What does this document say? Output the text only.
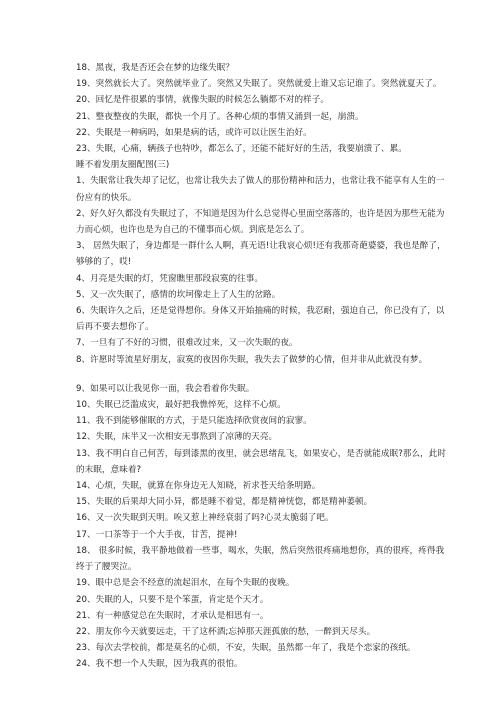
18、黑夜，我是否还会在梦的边缘失眠？

19、突然就长大了。突然就毕业了。突然又失眠了。突然就爱上谁又忘记谁了。突然就夏天了。

20、回忆是件很累的事情，就像失眠的时候怎么躺都不对的样子。

21、整夜整夜的失眠，都快一个月了。各种心烦的事情又涌到一起，崩溃。

22、失眠是一种病吗，如果是病的话，或许可以让医生治好。

23、失眠，心痛，辆孩子也特吵，都怎么了，还能不能好好的生活，我要崩溃了、累。

睡不着发朋友圈配图(三)

1、失眠常让我失却了记忆，也常让我失去了做人的那份精神和活力，也常让我不能享有人生的一份应有的快乐。

2、好久好久都没有失眠过了，不知道是因为什么总觉得心里面空落落的，也许是因为那些无能为力而心烦，也许也是为自己的不懂事而心烦。到底是怎么了。

3、 居然失眠了，身边都是一群什么人啊，真无语!让我哀心烦!还有我那奇葩婆婆，我也是醉了，够够的了，哎!

4、月亮是失眠的灯，凭窗瞧里那段寂寞的往事。

5、又一次失眠了，感情的坎坷像走上了人生的岔路。

6、失眠许久之后，还是觉得想你。身体又开始抽痛的时候，我忍耐，强迫自己，你已没有了，以后再不要去想你了。

7、一旦有了不好的习惯，很难改过来，又一次失眠的夜。

8、许愿时等流星好朋友，寂寞的夜因你失眠，我失去了做梦的心情，但并非从此就没有梦。

9、如果可以让我见你一面，我会看着你失眠。

10、失眠已泛滥成灾，最好把我憔悴死，这样不心烦。

11、我不到能够催眠的方式，于是只能选择欣赏夜间的寂寥。

12、失眠，床半又一次相安无事熬到了凉薄的天亮。

13、我不明白自己何苦，每到漆黑的夜里，就会思绪乱飞，如果安心，是否就能成眠?那么，此时的末眠，意味着?

14、心烦，失眠，就算在你身边无人知晓，祈求苍天给条明路。

15、失眠的后果却大同小异，都是睡不着觉，都是精神恍惚，都是精神萎顿。

16、又一次失眠到天明。唉又惹上神经衰弱了吗?心灵太脆弱了吧。

17、一口茶等于一个大手夜，甘苦，提神!

18、 很多时候，我平静地做着一些事，喝水，失眠，然后突然很疼痛地想你，真的很疼，疼得我终于了腰哭泣。

19、眼中总是会不经意的流起泪水，在每个失眠的夜晚。

20、失眠的人，只要不是个笨蛋，肯定是个天才。

21、有一种感觉总在失眠时，才承认是相思有一。

22、朋友你今天就要远走，干了这杯酒;忘掉那天涯孤旅的愁，一醉到天尽头。

23、每次去学校前，都是莫名的心烦，不安，失眠，虽然都一年了，我是个恋家的孩纸。

24、我不想一个人失眠，因为我真的很怕。
